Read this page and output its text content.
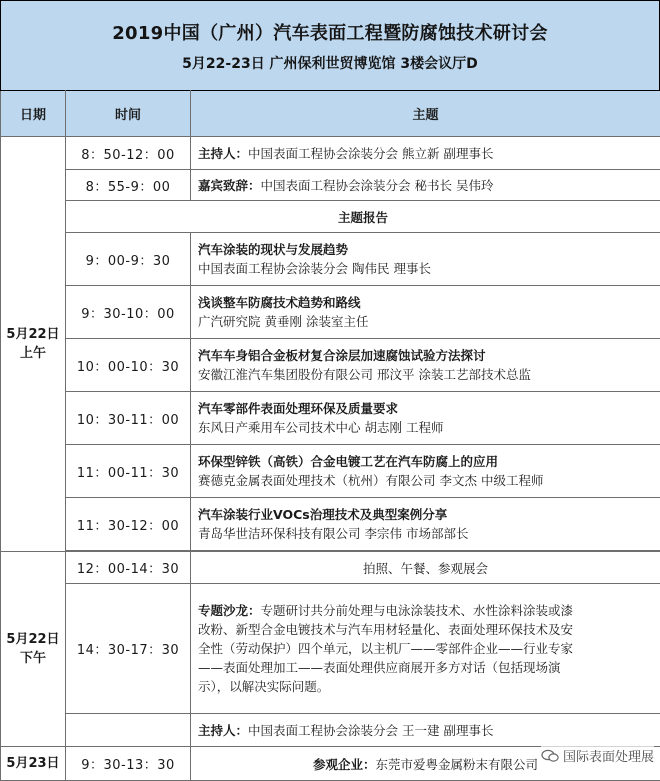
2019中国（广州）汽车表面工程暨防腐蚀技术研讨会
5月22-23日 广州保利世贸博览馆 3楼会议厅D
日期	时间	主题

5月22日
上午	8：50-12：00	主持人：中国表面工程协会涂装分会 熊立新 副理事长
	8：55-9：00	嘉宾致辞：中国表面工程协会涂装分会 秘书长 吴伟玲
	主题报告	
	9：00-9：30	汽车涂装的现状与发展趋势
中国表面工程协会涂装分会 陶伟民 理事长

	9：30-10：00	浅谈整车防腐技术趋势和路线
广汽研究院 黄垂刚 涂装室主任

	10：00-10：30	汽车车身铝合金板材复合涂层加速腐蚀试验方法探讨
安徽江淮汽车集团股份有限公司 邢汶平 涂装工艺部技术总监

	10：30-11：00	汽车零部件表面处理环保及质量要求
东风日产乘用车公司技术中心 胡志刚 工程师

	11：00-11：30	环保型锌铁（高铁）合金电镀工艺在汽车防腐上的应用
赛德克金属表面处理技术（杭州）有限公司 李文杰 中级工程师

	11：30-12：00	汽车涂装行业VOCs治理技术及典型案例分享
青岛华世洁环保科技有限公司 李宗伟 市场部部长

5月22日
下午	12：00-14：30	拍照、午餐、参观展会
	14：30-17：30	专题沙龙：专题研讨共分前处理与电泳涂装技术、水性涂料涂装或漆
改粉、新型合金电镀技术与汽车用材轻量化、表面处理环保技术及安
全性（劳动保护）四个单元，以主机厂——零部件企业——行业专家
——表面处理加工——表面处理供应商展开多方对话（包括现场演
示），以解决实际问题。

		主持人：中国表面工程协会涂装分会 王一建 副理事长
5月23日	9：30-13：30	参观企业：东莞市爱粤金属粉末有限公司 国际表面处理展
